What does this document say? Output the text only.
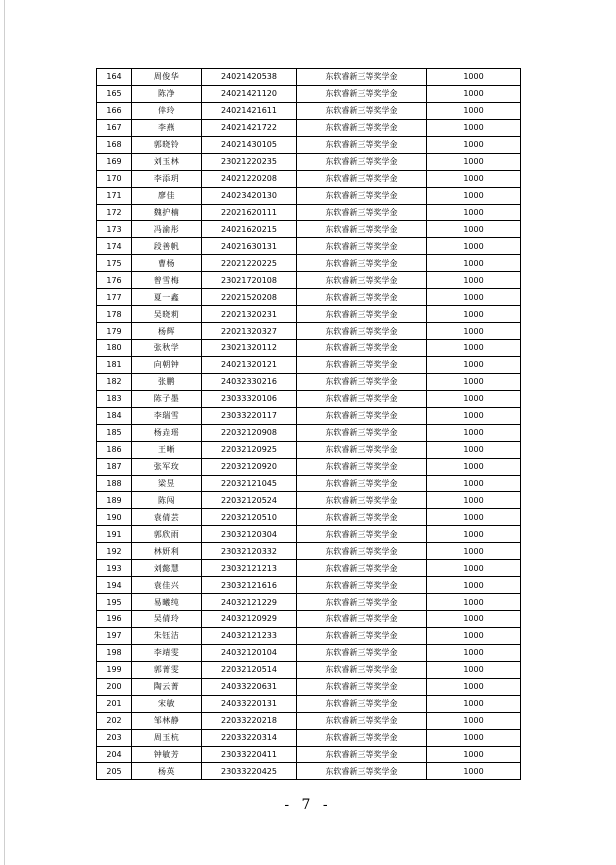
164	周俊华	24021420538	东软睿新三等奖学金	1000
165	陈净	24021421120	东软睿新三等奖学金	1000
166	倖玲	24021421611	东软睿新三等奖学金	1000
167	李燕	24021421722	东软睿新三等奖学金	1000
168	郭晓铃	24021430105	东软睿新三等奖学金	1000
169	刘玉林	23021220235	东软睿新三等奖学金	1000
170	李添玥	24021220208	东软睿新三等奖学金	1000
171	廖佳	24023420130	东软睿新三等奖学金	1000
172	魏护楠	22021620111	东软睿新三等奖学金	1000
173	冯渝彤	24021620215	东软睿新三等奖学金	1000
174	段善帆	24021630131	东软睿新三等奖学金	1000
175	曹杨	22021220225	东软睿新三等奖学金	1000
176	曾雪梅	23021720108	东软睿新三等奖学金	1000
177	夏一鑫	22021520208	东软睿新三等奖学金	1000
178	吴晓莉	22021320231	东软睿新三等奖学金	1000
179	杨辉	22021320327	东软睿新三等奖学金	1000
180	张秋学	23021320112	东软睿新三等奖学金	1000
181	向朝钟	24021320121	东软睿新三等奖学金	1000
182	张鹏	24032330216	东软睿新三等奖学金	1000
183	陈子墨	23033320106	东软睿新三等奖学金	1000
184	李瑞雪	23033220117	东软睿新三等奖学金	1000
185	杨垚瑶	22032120908	东软睿新三等奖学金	1000
186	王晰	22032120925	东软睿新三等奖学金	1000
187	张军玫	22032120920	东软睿新三等奖学金	1000
188	梁昱	22032121045	东软睿新三等奖学金	1000
189	陈闯	22032120524	东软睿新三等奖学金	1000
190	袁倩芸	22032120510	东软睿新三等奖学金	1000
191	郭欣雨	23032120304	东软睿新三等奖学金	1000
192	林妍利	23032120332	东软睿新三等奖学金	1000
193	刘懿慧	23032121213	东软睿新三等奖学金	1000
194	袁佳兴	23032121616	东软睿新三等奖学金	1000
195	易曦纯	24032121229	东软睿新三等奖学金	1000
196	吴倩玲	24032120929	东软睿新三等奖学金	1000
197	朱钰洁	24032121233	东软睿新三等奖学金	1000
198	李靖雯	24032120104	东软睿新三等奖学金	1000
199	郭菁雯	22032120514	东软睿新三等奖学金	1000
200	陶云菁	24033220631	东软睿新三等奖学金	1000
201	宋敏	24033220131	东软睿新三等奖学金	1000
202	邹林静	22033220218	东软睿新三等奖学金	1000
203	周玉杭	22033220314	东软睿新三等奖学金	1000
204	钟敏芳	23033220411	东软睿新三等奖学金	1000
205	杨英	23033220425	东软睿新三等奖学金	1000
- 7 -
